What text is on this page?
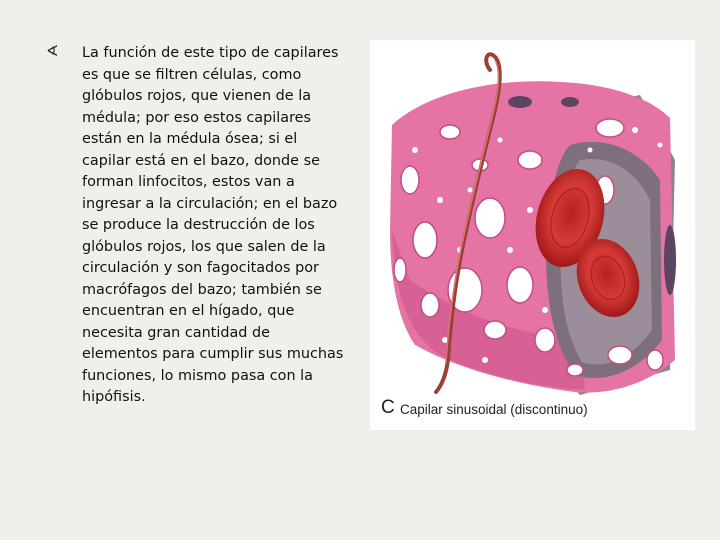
∢ La función de este tipo de capilares es que se filtren células, como glóbulos rojos, que vienen de la médula; por eso estos capilares están en la médula ósea; si el capilar está en el bazo, donde se forman linfocitos, estos van a ingresar a la circulación; en el bazo se produce la destrucción de los glóbulos rojos, los que salen de la circulación y son fagocitados por macrófagos del bazo; también se encuentran en el hígado, que necesita gran cantidad de elementos para cumplir sus muchas funciones, lo mismo pasa con la hipófisis.	C Capilar sinusoidal (discontinuo)
